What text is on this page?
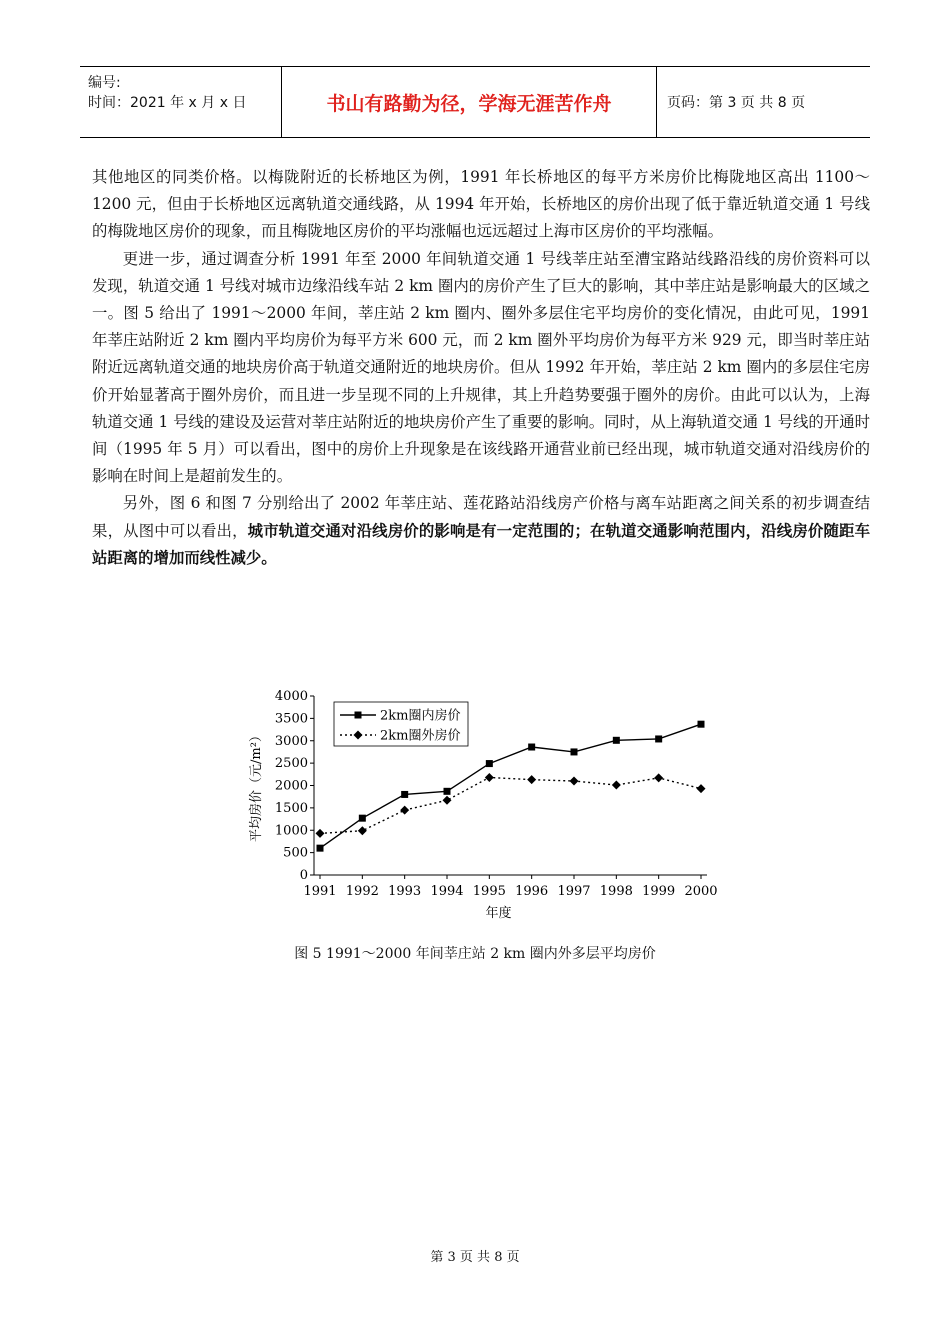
编号:
时间：2021 年 x 月 x 日	书山有路勤为径，学海无涯苦作舟	页码：第 3 页 共 8 页

其他地区的同类价格。以梅陇附近的长桥地区为例，1991 年长桥地区的每平方米房价比梅陇地区高出 1100～1200 元，但由于长桥地区远离轨道交通线路，从 1994 年开始，长桥地区的房价出现了低于靠近轨道交通 1 号线的梅陇地区房价的现象，而且梅陇地区房价的平均涨幅也远远超过上海市区房价的平均涨幅。

更进一步，通过调查分析 1991 年至 2000 年间轨道交通 1 号线莘庄站至漕宝路站线路沿线的房价资料可以发现，轨道交通 1 号线对城市边缘沿线车站 2 km 圈内的房价产生了巨大的影响，其中莘庄站是影响最大的区域之一。图 5 给出了 1991～2000 年间，莘庄站 2 km 圈内、圈外多层住宅平均房价的变化情况，由此可见，1991 年莘庄站附近 2 km 圈内平均房价为每平方米 600 元，而 2 km 圈外平均房价为每平方米 929 元，即当时莘庄站附近远离轨道交通的地块房价高于轨道交通附近的地块房价。但从 1992 年开始，莘庄站 2 km 圈内的多层住宅房价开始显著高于圈外房价，而且进一步呈现不同的上升规律，其上升趋势要强于圈外的房价。由此可以认为，上海轨道交通 1 号线的建设及运营对莘庄站附近的地块房价产生了重要的影响。同时，从上海轨道交通 1 号线的开通时间（1995 年 5 月）可以看出，图中的房价上升现象是在该线路开通营业前已经出现，城市轨道交通对沿线房价的影响在时间上是超前发生的。

另外，图 6 和图 7 分别给出了 2002 年莘庄站、莲花路站沿线房产价格与离车站距离之间关系的初步调查结果，从图中可以看出，城市轨道交通对沿线房价的影响是有一定范围的；在轨道交通影响范围内，沿线房价随距车站距离的增加而线性减少。

0
500
1000
1500
2000
2500
3000
3500
4000
1991 1992 1993 1994 1995 1996 1997 1998 1999 2000
年度
平均房价（元/m²）
2km圈内房价
2km圈外房价
图 5 1991～2000 年间莘庄站 2 km 圈内外多层平均房价
第 3 页 共 8 页
